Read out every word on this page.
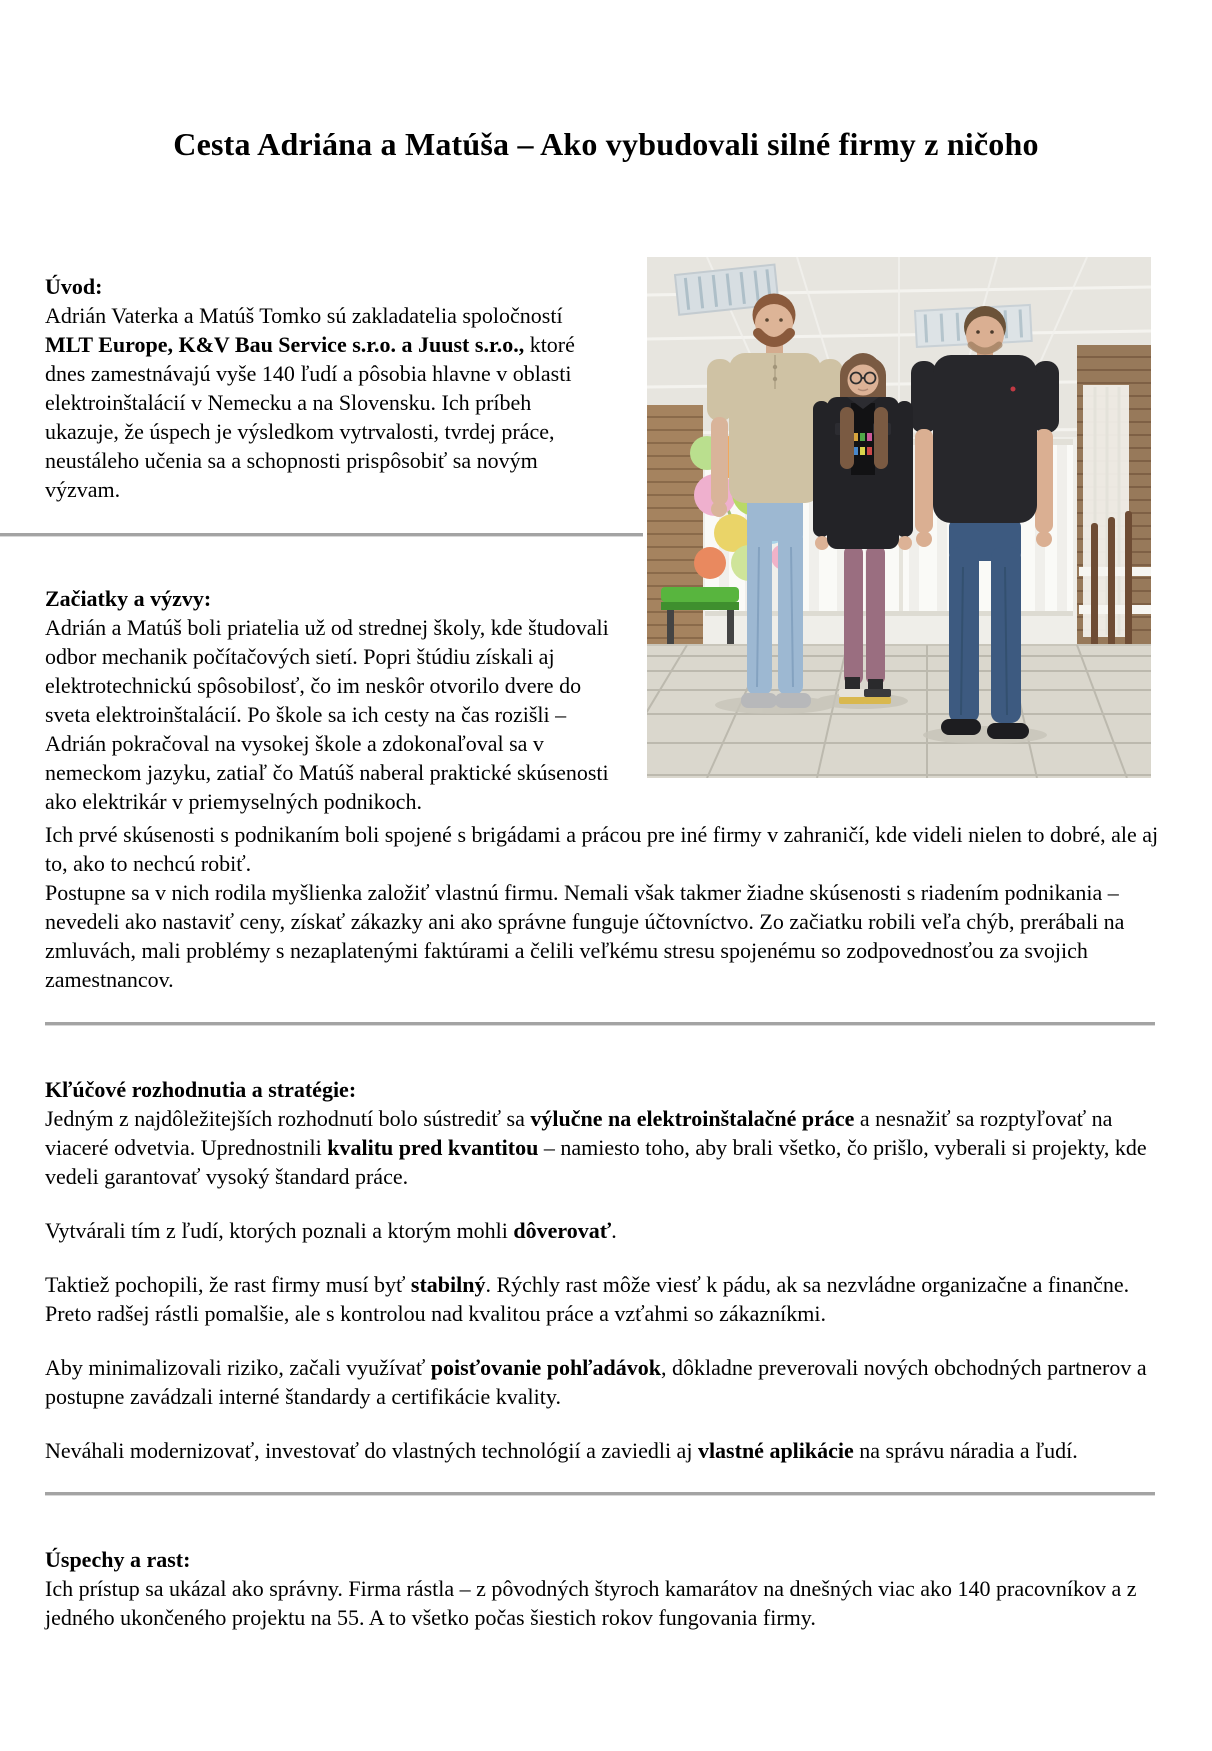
Cesta Adriána a Matúša – Ako vybudovali silné firmy z ničoho
Úvod:

Adrián Vaterka a Matúš Tomko sú zakladatelia spoločností MLT Europe, K&V Bau Service s.r.o. a Juust s.r.o., ktoré dnes zamestnávajú vyše 140 ľudí a pôsobia hlavne v oblasti elektroinštalácií v Nemecku a na Slovensku. Ich príbeh ukazuje, že úspech je výsledkom vytrvalosti, tvrdej práce, neustáleho učenia sa a schopnosti prispôsobiť sa novým výzvam.

Začiatky a výzvy:

Adrián a Matúš boli priatelia už od strednej školy, kde študovali odbor mechanik počítačových sietí. Popri štúdiu získali aj elektrotechnickú spôsobilosť, čo im neskôr otvorilo dvere do sveta elektroinštalácií. Po škole sa ich cesty na čas rozišli – Adrián pokračoval na vysokej škole a zdokonaľoval sa v nemeckom jazyku, zatiaľ čo Matúš naberal praktické skúsenosti ako elektrikár v priemyselných podnikoch.

Ich prvé skúsenosti s podnikaním boli spojené s brigádami a prácou pre iné firmy v zahraničí, kde videli nielen to dobré, ale aj to, ako to nechcú robiť.

Postupne sa v nich rodila myšlienka založiť vlastnú firmu. Nemali však takmer žiadne skúsenosti s riadením podnikania – nevedeli ako nastaviť ceny, získať zákazky ani ako správne funguje účtovníctvo. Zo začiatku robili veľa chýb, prerábali na zmluvách, mali problémy s nezaplatenými faktúrami a čelili veľkému stresu spojenému so zodpovednosťou za svojich zamestnancov.

Kľúčové rozhodnutia a stratégie:

Jedným z najdôležitejších rozhodnutí bolo sústrediť sa výlučne na elektroinštalačné práce a nesnažiť sa rozptyľovať na viaceré odvetvia. Uprednostnili kvalitu pred kvantitou – namiesto toho, aby brali všetko, čo prišlo, vyberali si projekty, kde vedeli garantovať vysoký štandard práce.

Vytvárali tím z ľudí, ktorých poznali a ktorým mohli dôverovať.

Taktiež pochopili, že rast firmy musí byť stabilný. Rýchly rast môže viesť k pádu, ak sa nezvládne organizačne a finančne. Preto radšej rástli pomalšie, ale s kontrolou nad kvalitou práce a vzťahmi so zákazníkmi.

Aby minimalizovali riziko, začali využívať poisťovanie pohľadávok, dôkladne preverovali nových obchodných partnerov a postupne zavádzali interné štandardy a certifikácie kvality.

Neváhali modernizovať, investovať do vlastných technológií a zaviedli aj vlastné aplikácie na správu náradia a ľudí.

Úspechy a rast:

Ich prístup sa ukázal ako správny. Firma rástla – z pôvodných štyroch kamarátov na dnešných viac ako 140 pracovníkov a z jedného ukončeného projektu na 55. A to všetko počas šiestich rokov fungovania firmy.
